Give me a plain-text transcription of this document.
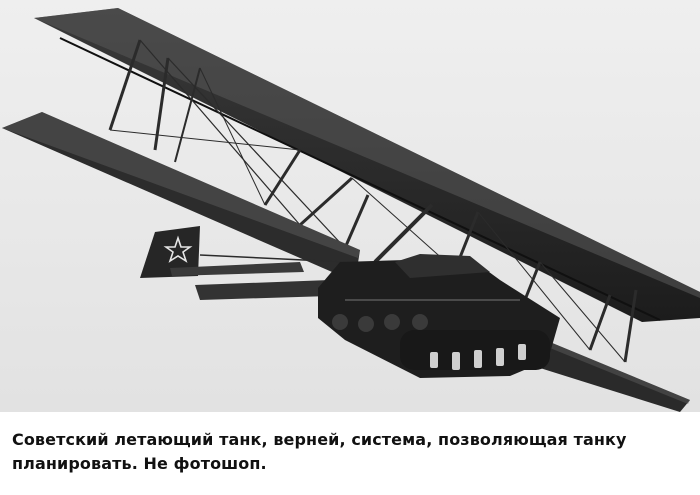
Советский летающий танк, верней, система, позволяющая танку планировать. Не фотошоп.
